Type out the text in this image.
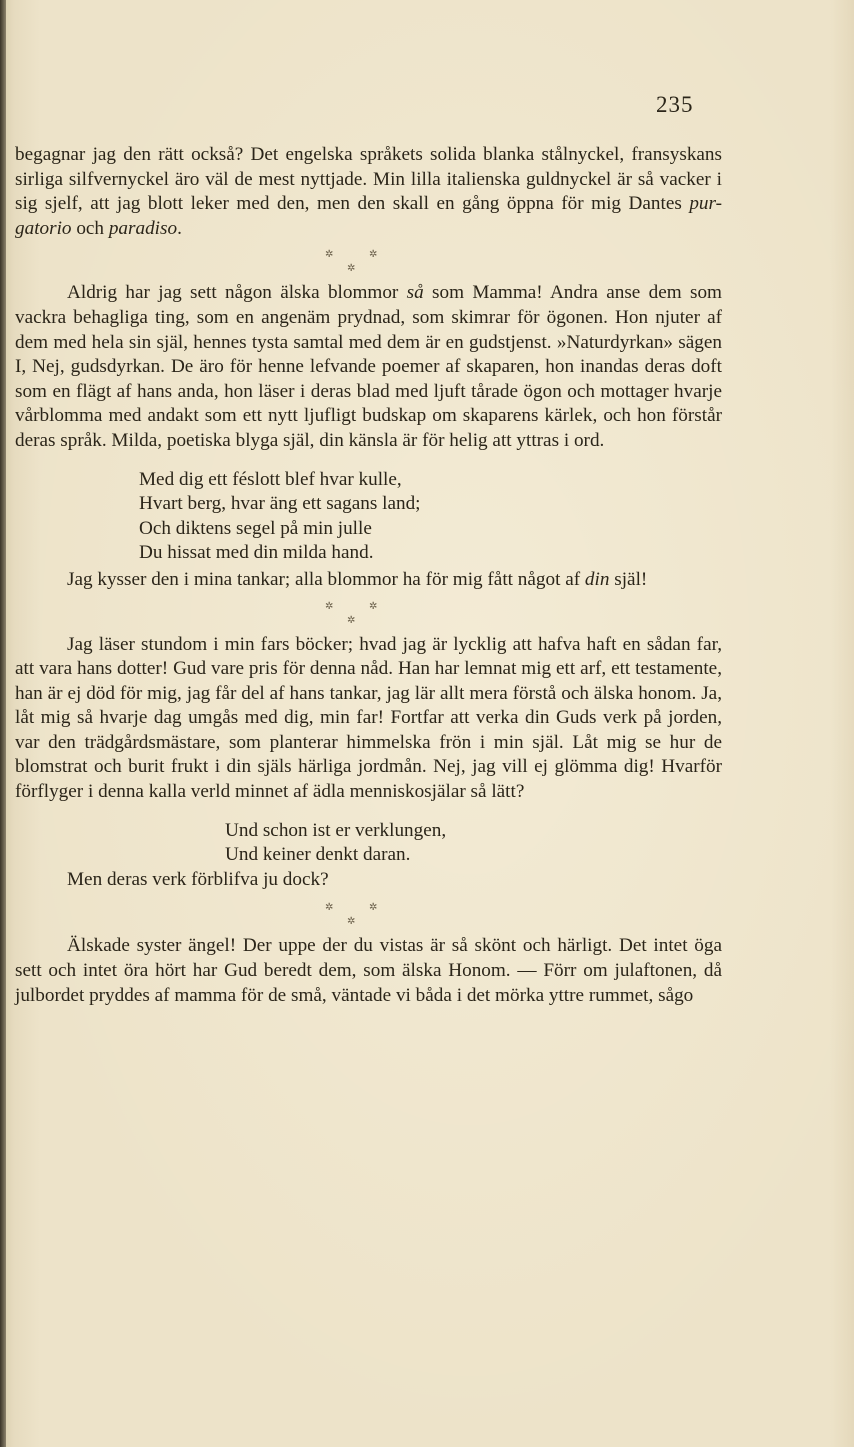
235

begagnar jag den rätt också? Det engelska språkets solida blanka stålnyckel, fransyskans sirliga silfvernyckel äro väl de mest nyttjade. Min lilla italienska guldnyckel är så vacker i sig sjelf, att jag blott leker med den, men den skall en gång öppna för mig Dantes pur-gatorio och paradiso.

✲	✲
✲

Aldrig har jag sett någon älska blommor så som Mamma! Andra anse dem som vackra behagliga ting, som en angenäm prydnad, som skimrar för ögonen. Hon njuter af dem med hela sin själ, hennes tysta samtal med dem är en gudstjenst. »Naturdyrkan» sägen I, Nej, gudsdyrkan. De äro för henne lefvande poemer af skaparen, hon inandas deras doft som en flägt af hans anda, hon läser i deras blad med ljuft tårade ögon och mottager hvarje vårblomma med andakt som ett nytt ljufligt budskap om skaparens kärlek, och hon förstår deras språk. Milda, poetiska blyga själ, din känsla är för helig att yttras i ord.

Med dig ett féslott blef hvar kulle,
Hvart berg, hvar äng ett sagans land;
Och diktens segel på min julle
Du hissat med din milda hand.

Jag kysser den i mina tankar; alla blommor ha för mig fått något af din själ!

✲	✲
✲

Jag läser stundom i min fars böcker; hvad jag är lycklig att hafva haft en sådan far, att vara hans dotter! Gud vare pris för denna nåd. Han har lemnat mig ett arf, ett testamente, han är ej död för mig, jag får del af hans tankar, jag lär allt mera förstå och älska honom. Ja, låt mig så hvarje dag umgås med dig, min far! Fortfar att verka din Guds verk på jorden, var den trädgårdsmästare, som planterar himmelska frön i min själ. Låt mig se hur de blomstrat och burit frukt i din själs härliga jordmån. Nej, jag vill ej glömma dig! Hvarför förflyger i denna kalla verld minnet af ädla menniskosjälar så lätt?

Und schon ist er verklungen,
Und keiner denkt daran.
Men deras verk förblifva ju dock?
✲	✲
✲

Älskade syster ängel! Der uppe der du vistas är så skönt och härligt. Det intet öga sett och intet öra hört har Gud beredt dem, som älska Honom. — Förr om julaftonen, då julbordet pryddes af mamma för de små, väntade vi båda i det mörka yttre rummet, sågo
